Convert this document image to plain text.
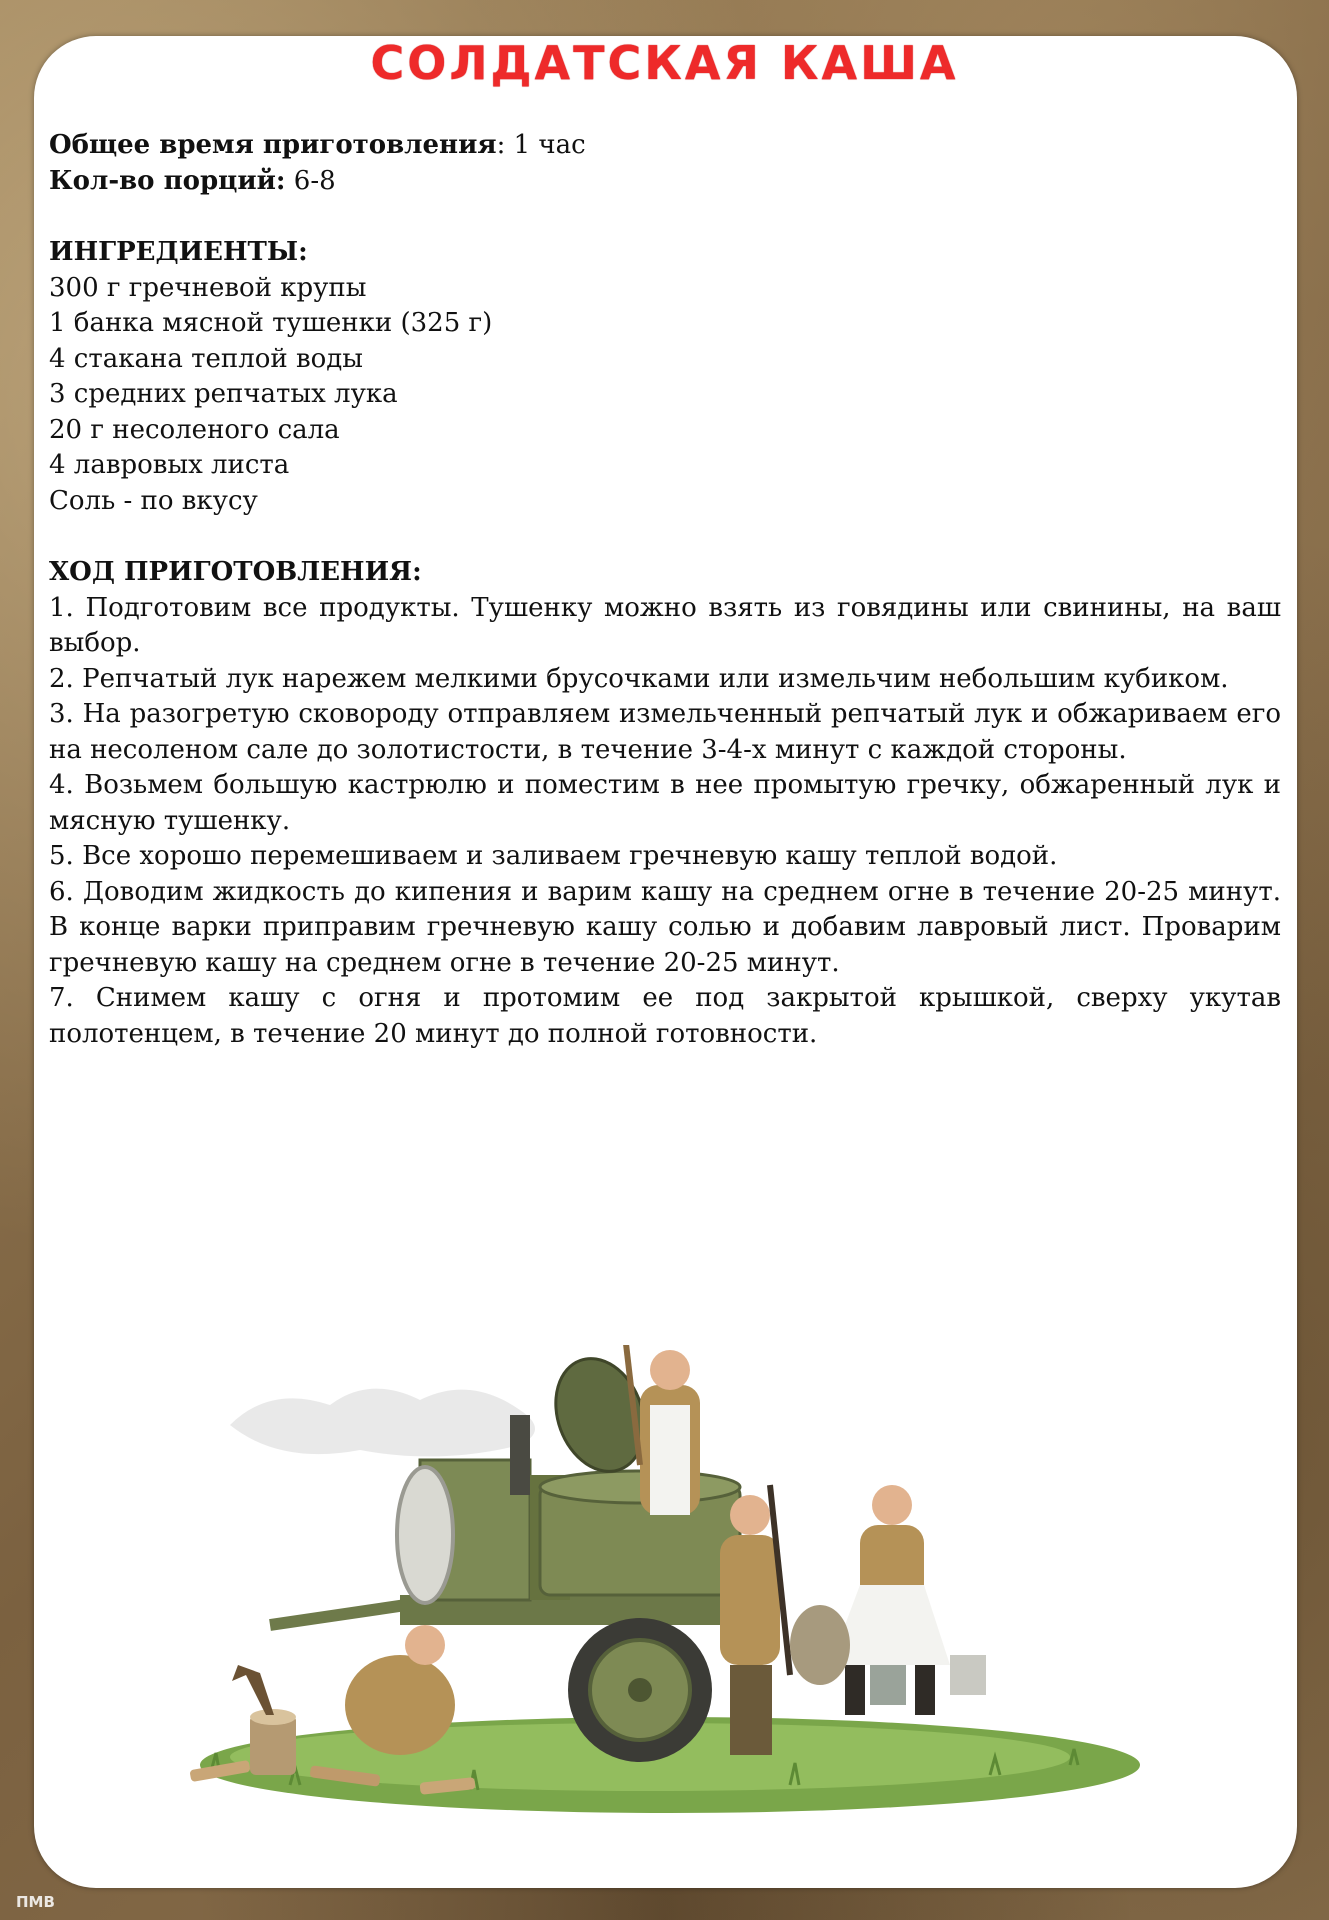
СОЛДАТСКАЯ КАША

Общее время приготовления: 1 час

Кол-во порций: 6-8

ИНГРЕДИЕНТЫ:

300 г гречневой крупы

1 банка мясной тушенки (325 г)

4 стакана теплой воды

3 средних репчатых лука

20 г несоленого сала

4 лавровых листа

Соль - по вкусу

ХОД ПРИГОТОВЛЕНИЯ:

1. Подготовим все продукты. Тушенку можно взять из говядины или свинины, на ваш выбор.

2. Репчатый лук нарежем мелкими брусочками или измельчим небольшим кубиком.

3. На разогретую сковороду отправляем измельченный репчатый лук и обжариваем его на несоленом сале до золотистости, в течение 3-4-х минут с каждой стороны.

4. Возьмем большую кастрюлю и поместим в нее промытую гречку, обжаренный лук и мясную тушенку.

5. Все хорошо перемешиваем и заливаем гречневую кашу теплой водой.

6. Доводим жидкость до кипения и варим кашу на среднем огне в течение 20-25 минут. В конце варки приправим гречневую кашу солью и добавим лавровый лист. Проварим гречневую кашу на среднем огне в течение 20-25 минут.

7. Снимем кашу с огня и протомим ее под закрытой крышкой, сверху укутав полотенцем, в течение 20 минут до полной готовности.

ПМВ
